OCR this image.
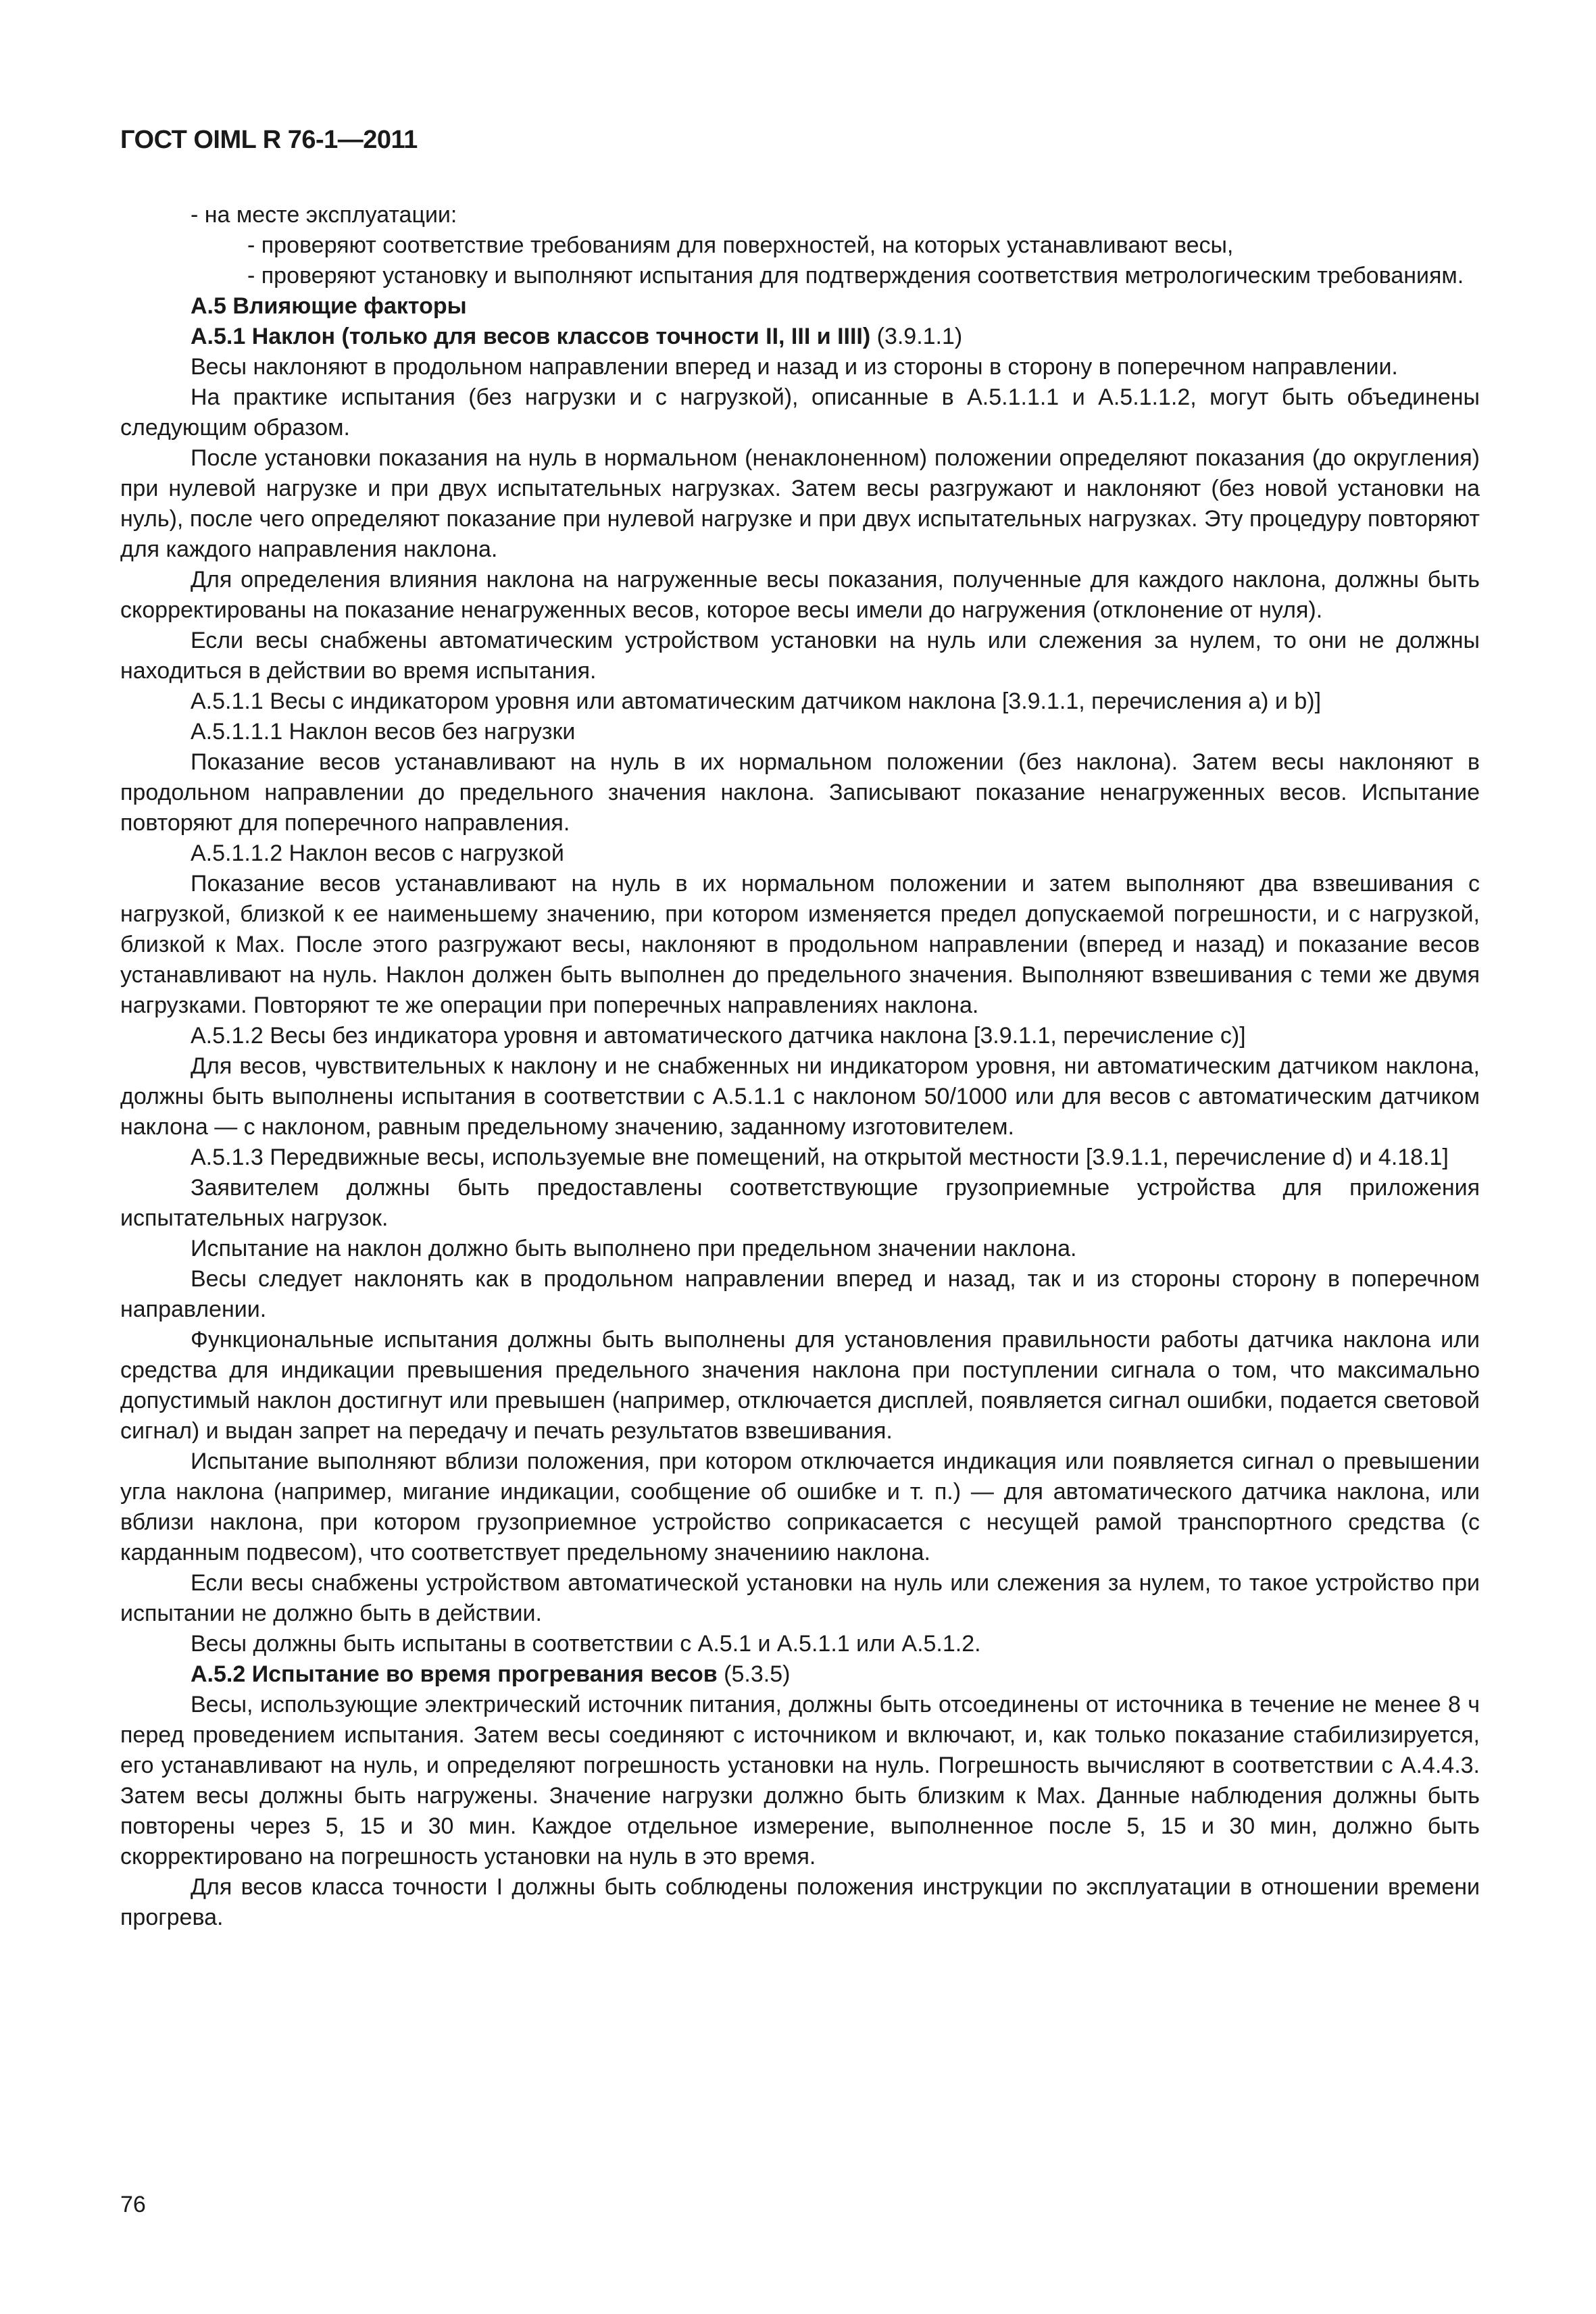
ГОСТ OIML R 76-1—2011

- на месте эксплуатации:

- проверяют соответствие требованиям для поверхностей, на которых устанавливают весы,

- проверяют установку и выполняют испытания для подтверждения соответствия метрологическим требованиям.

А.5 Влияющие факторы

А.5.1 Наклон (только для весов классов точности II, III и IIII) (3.9.1.1)

Весы наклоняют в продольном направлении вперед и назад и из стороны в сторону в поперечном направлении.

На практике испытания (без нагрузки и с нагрузкой), описанные в А.5.1.1.1 и А.5.1.1.2, могут быть объединены следующим образом.

После установки показания на нуль в нормальном (ненаклоненном) положении определяют показания (до округления) при нулевой нагрузке и при двух испытательных нагрузках. Затем весы разгружают и наклоняют (без новой установки на нуль), после чего определяют показание при нулевой нагрузке и при двух испытательных нагрузках. Эту процедуру повторяют для каждого направления наклона.

Для определения влияния наклона на нагруженные весы показания, полученные для каждого наклона, должны быть скорректированы на показание ненагруженных весов, которое весы имели до нагружения (отклонение от нуля).

Если весы снабжены автоматическим устройством установки на нуль или слежения за нулем, то они не должны находиться в действии во время испытания.

А.5.1.1 Весы с индикатором уровня или автоматическим датчиком наклона [3.9.1.1, перечисления а) и b)]

А.5.1.1.1 Наклон весов без нагрузки

Показание весов устанавливают на нуль в их нормальном положении (без наклона). Затем весы наклоняют в продольном направлении до предельного значения наклона. Записывают показание ненагруженных весов. Испытание повторяют для поперечного направления.

А.5.1.1.2 Наклон весов с нагрузкой

Показание весов устанавливают на нуль в их нормальном положении и затем выполняют два взвешивания с нагрузкой, близкой к ее наименьшему значению, при котором изменяется предел допускаемой погрешности, и с нагрузкой, близкой к Max. После этого разгружают весы, наклоняют в продольном направлении (вперед и назад) и показание весов устанавливают на нуль. Наклон должен быть выполнен до предельного значения. Выполняют взвешивания с теми же двумя нагрузками. Повторяют те же операции при поперечных направлениях наклона.

А.5.1.2 Весы без индикатора уровня и автоматического датчика наклона [3.9.1.1, перечисление с)]

Для весов, чувствительных к наклону и не снабженных ни индикатором уровня, ни автоматическим датчиком наклона, должны быть выполнены испытания в соответствии с А.5.1.1 с наклоном 50/1000 или для весов с автоматическим датчиком наклона — с наклоном, равным предельному значению, заданному изготовителем.

А.5.1.3 Передвижные весы, используемые вне помещений, на открытой местности [3.9.1.1, перечисление d) и 4.18.1]

Заявителем должны быть предоставлены соответствующие грузоприемные устройства для приложения испытательных нагрузок.

Испытание на наклон должно быть выполнено при предельном значении наклона.

Весы следует наклонять как в продольном направлении вперед и назад, так и из стороны сторону в поперечном направлении.

Функциональные испытания должны быть выполнены для установления правильности работы датчика наклона или средства для индикации превышения предельного значения наклона при поступлении сигнала о том, что максимально допустимый наклон достигнут или превышен (например, отключается дисплей, появляется сигнал ошибки, подается световой сигнал) и выдан запрет на передачу и печать результатов взвешивания.

Испытание выполняют вблизи положения, при котором отключается индикация или появляется сигнал о превышении угла наклона (например, мигание индикации, сообщение об ошибке и т. п.) — для автоматического датчика наклона, или вблизи наклона, при котором грузоприемное устройство соприкасается с несущей рамой транспортного средства (с карданным подвесом), что соответствует предельному значениию наклона.

Если весы снабжены устройством автоматической установки на нуль или слежения за нулем, то такое устройство при испытании не должно быть в действии.

Весы должны быть испытаны в соответствии с А.5.1 и А.5.1.1 или А.5.1.2.

А.5.2 Испытание во время прогревания весов (5.3.5)

Весы, использующие электрический источник питания, должны быть отсоединены от источника в течение не менее 8 ч перед проведением испытания. Затем весы соединяют с источником и включают, и, как только показание стабилизируется, его устанавливают на нуль, и определяют погрешность установки на нуль. Погрешность вычисляют в соответствии с А.4.4.3. Затем весы должны быть нагружены. Значение нагрузки должно быть близким к Max. Данные наблюдения должны быть повторены через 5, 15 и 30 мин. Каждое отдельное измерение, выполненное после 5, 15 и 30 мин, должно быть скорректировано на погрешность установки на нуль в это время.

Для весов класса точности I должны быть соблюдены положения инструкции по эксплуатации в отношении времени прогрева.

76
